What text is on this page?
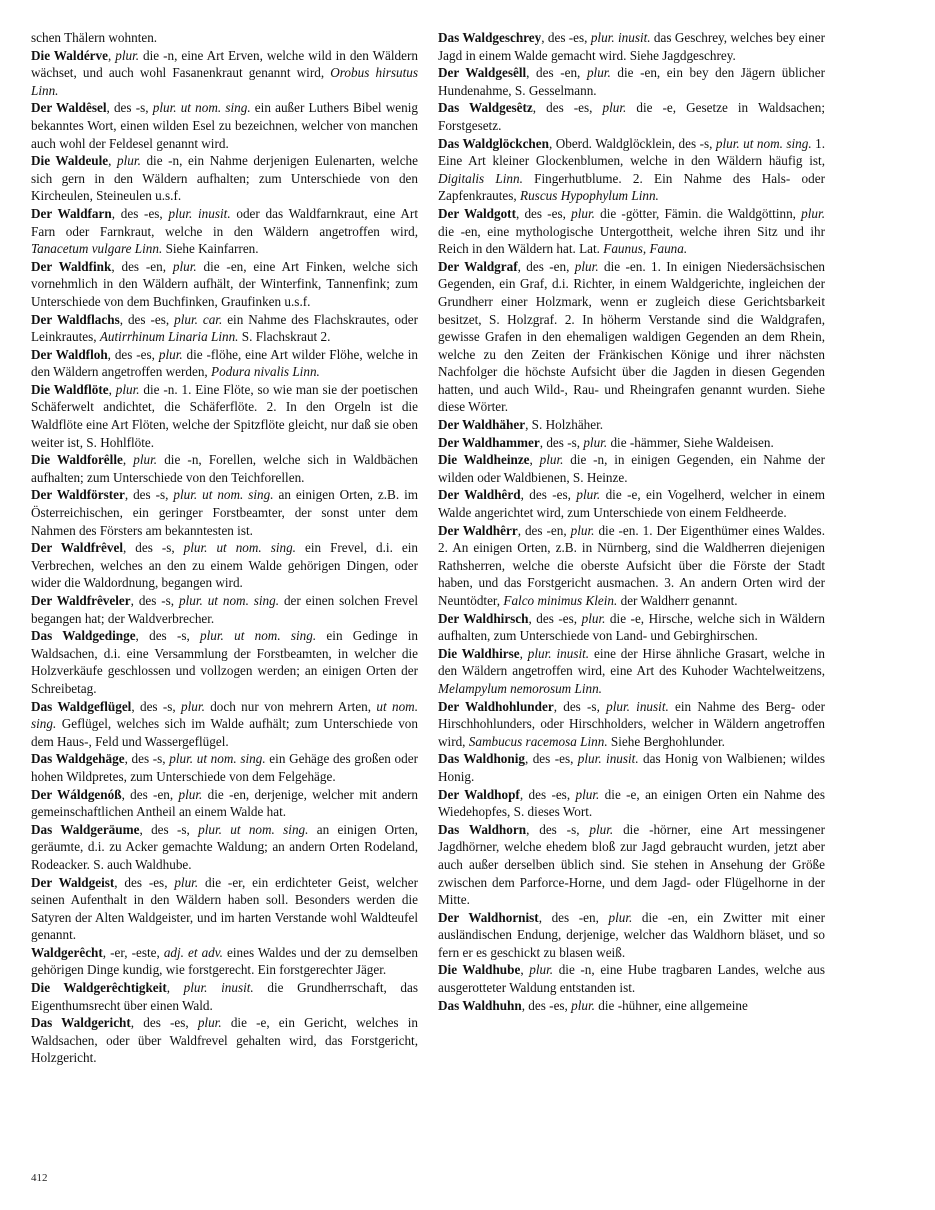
schen Thälern wohnten.

Die Waldérve, plur. die -n, eine Art Erven, welche wild in den Wäldern wächset, und auch wohl Fasanenkraut genannt wird, Orobus hirsutus Linn.

Der Waldêsel, des -s, plur. ut nom. sing. ein außer Luthers Bibel wenig bekanntes Wort, einen wilden Esel zu bezeichnen, welcher von manchen auch wohl der Feldesel genannt wird.

Die Waldeule, plur. die -n, ein Nahme derjenigen Eulenarten, welche sich gern in den Wäldern aufhalten; zum Unterschiede von den Kircheulen, Steineulen u.s.f.

Der Waldfarn, des -es, plur. inusit. oder das Waldfarnkraut, eine Art Farn oder Farnkraut, welche in den Wäldern angetroffen wird, Tanacetum vulgare Linn. Siehe Kainfarren.

Der Waldfink, des -en, plur. die -en, eine Art Finken, welche sich vornehmlich in den Wäldern aufhält, der Winterfink, Tannenfink; zum Unterschiede von dem Buchfinken, Graufinken u.s.f.

Der Waldflachs, des -es, plur. car. ein Nahme des Flachskrautes, oder Leinkrautes, Autirrhinum Linaria Linn. S. Flachskraut 2.

Der Waldfloh, des -es, plur. die -flöhe, eine Art wilder Flöhe, welche in den Wäldern angetroffen werden, Podura nivalis Linn.

Die Waldflöte, plur. die -n. 1. Eine Flöte, so wie man sie der poetischen Schäferwelt andichtet, die Schäferflöte. 2. In den Orgeln ist die Waldflöte eine Art Flöten, welche der Spitzflöte gleicht, nur daß sie oben weiter ist, S. Hohlflöte.

Die Waldforêlle, plur. die -n, Forellen, welche sich in Waldbächen aufhalten; zum Unterschiede von den Teichforellen.

Der Waldförster, des -s, plur. ut nom. sing. an einigen Orten, z.B. im Österreichischen, ein geringer Forstbeamter, der sonst unter dem Nahmen des Försters am bekanntesten ist.

Der Waldfrêvel, des -s, plur. ut nom. sing. ein Frevel, d.i. ein Verbrechen, welches an den zu einem Walde gehörigen Dingen, oder wider die Waldordnung, begangen wird.

Der Waldfrêveler, des -s, plur. ut nom. sing. der einen solchen Frevel begangen hat; der Waldverbrecher.

Das Waldgedinge, des -s, plur. ut nom. sing. ein Gedinge in Waldsachen, d.i. eine Versammlung der Forstbeamten, in welcher die Holzverkäufe geschlossen und vollzogen werden; an einigen Orten der Schreibetag.

Das Waldgeflügel, des -s, plur. doch nur von mehrern Arten, ut nom. sing. Geflügel, welches sich im Walde aufhält; zum Unterschiede von dem Haus-, Feld und Wassergeflügel.

Das Waldgehäge, des -s, plur. ut nom. sing. ein Gehäge des großen oder hohen Wildpretes, zum Unterschiede von dem Felgehäge.

Der Wáldgenóß, des -en, plur. die -en, derjenige, welcher mit andern gemeinschaftlichen Antheil an einem Walde hat.

Das Waldgeräume, des -s, plur. ut nom. sing. an einigen Orten, geräumte, d.i. zu Acker gemachte Waldung; an andern Orten Rodeland, Rodeacker. S. auch Waldhube.

Der Waldgeist, des -es, plur. die -er, ein erdichteter Geist, welcher seinen Aufenthalt in den Wäldern haben soll. Besonders werden die Satyren der Alten Waldgeister, und im harten Verstande wohl Waldteufel genannt.

Waldgerêcht, -er, -este, adj. et adv. eines Waldes und der zu demselben gehörigen Dinge kundig, wie forstgerecht. Ein forstgerechter Jäger.

Die Waldgerêchtigkeit, plur. inusit. die Grundherrschaft, das Eigenthumsrecht über einen Wald.

Das Waldgericht, des -es, plur. die -e, ein Gericht, welches in Waldsachen, oder über Waldfrevel gehalten wird, das Forstgericht, Holzgericht.

Das Waldgeschrey, des -es, plur. inusit. das Geschrey, welches bey einer Jagd in einem Walde gemacht wird. Siehe Jagdgeschrey.

Der Waldgesêll, des -en, plur. die -en, ein bey den Jägern üblicher Hundenahme, S. Gesselmann.

Das Waldgesêtz, des -es, plur. die -e, Gesetze in Waldsachen; Forstgesetz.

Das Waldglöckchen, Oberd. Waldglöcklein, des -s, plur. ut nom. sing. 1. Eine Art kleiner Glockenblumen, welche in den Wäldern häufig ist, Digitalis Linn. Fingerhutblume. 2. Ein Nahme des Hals- oder Zapfenkrautes, Ruscus Hypophylum Linn.

Der Waldgott, des -es, plur. die -götter, Fämin. die Waldgöttinn, plur. die -en, eine mythologische Untergottheit, welche ihren Sitz und ihr Reich in den Wäldern hat. Lat. Faunus, Fauna.

Der Waldgraf, des -en, plur. die -en. 1. In einigen Niedersächsischen Gegenden, ein Graf, d.i. Richter, in einem Waldgerichte, ingleichen der Grundherr einer Holzmark, wenn er zugleich diese Gerichtsbarkeit besitzet, S. Holzgraf. 2. In höherm Verstande sind die Waldgrafen, gewisse Grafen in den ehemaligen waldigen Gegenden an dem Rhein, welche zu den Zeiten der Fränkischen Könige und ihrer nächsten Nachfolger die höchste Aufsicht über die Jagden in diesen Gegenden hatten, und auch Wild-, Rau- und Rheingrafen genannt wurden. Siehe diese Wörter.

Der Waldhäher, S. Holzhäher.

Der Waldhammer, des -s, plur. die -hämmer, Siehe Waldeisen.

Die Waldheinze, plur. die -n, in einigen Gegenden, ein Nahme der wilden oder Waldbienen, S. Heinze.

Der Waldhêrd, des -es, plur. die -e, ein Vogelherd, welcher in einem Walde angerichtet wird, zum Unterschiede von einem Feldheerde.

Der Waldhêrr, des -en, plur. die -en. 1. Der Eigenthümer eines Waldes. 2. An einigen Orten, z.B. in Nürnberg, sind die Waldherren diejenigen Rathsherren, welche die oberste Aufsicht über die Förste der Stadt haben, und das Forstgericht ausmachen. 3. An andern Orten wird der Neuntödter, Falco minimus Klein. der Waldherr genannt.

Der Waldhirsch, des -es, plur. die -e, Hirsche, welche sich in Wäldern aufhalten, zum Unterschiede von Land- und Gebirghirschen.

Die Waldhirse, plur. inusit. eine der Hirse ähnliche Grasart, welche in den Wäldern angetroffen wird, eine Art des Kuhoder Wachtelweitzens, Melampylum nemorosum Linn.

Der Waldhohlunder, des -s, plur. inusit. ein Nahme des Berg- oder Hirschhohlunders, oder Hirschholders, welcher in Wäldern angetroffen wird, Sambucus racemosa Linn. Siehe Berghohlunder.

Das Waldhonig, des -es, plur. inusit. das Honig von Walbienen; wildes Honig.

Der Waldhopf, des -es, plur. die -e, an einigen Orten ein Nahme des Wiedehopfes, S. dieses Wort.

Das Waldhorn, des -s, plur. die -hörner, eine Art messingener Jagdhörner, welche ehedem bloß zur Jagd gebraucht wurden, jetzt aber auch außer derselben üblich sind. Sie stehen in Ansehung der Größe zwischen dem Parforce-Horne, und dem Jagd- oder Flügelhorne in der Mitte.

Der Waldhornist, des -en, plur. die -en, ein Zwitter mit einer ausländischen Endung, derjenige, welcher das Waldhorn bläset, und so fern er es geschickt zu blasen weiß.

Die Waldhube, plur. die -n, eine Hube tragbaren Landes, welche aus ausgerotteter Waldung entstanden ist.

Das Waldhuhn, des -es, plur. die -hühner, eine allgemeine

412
